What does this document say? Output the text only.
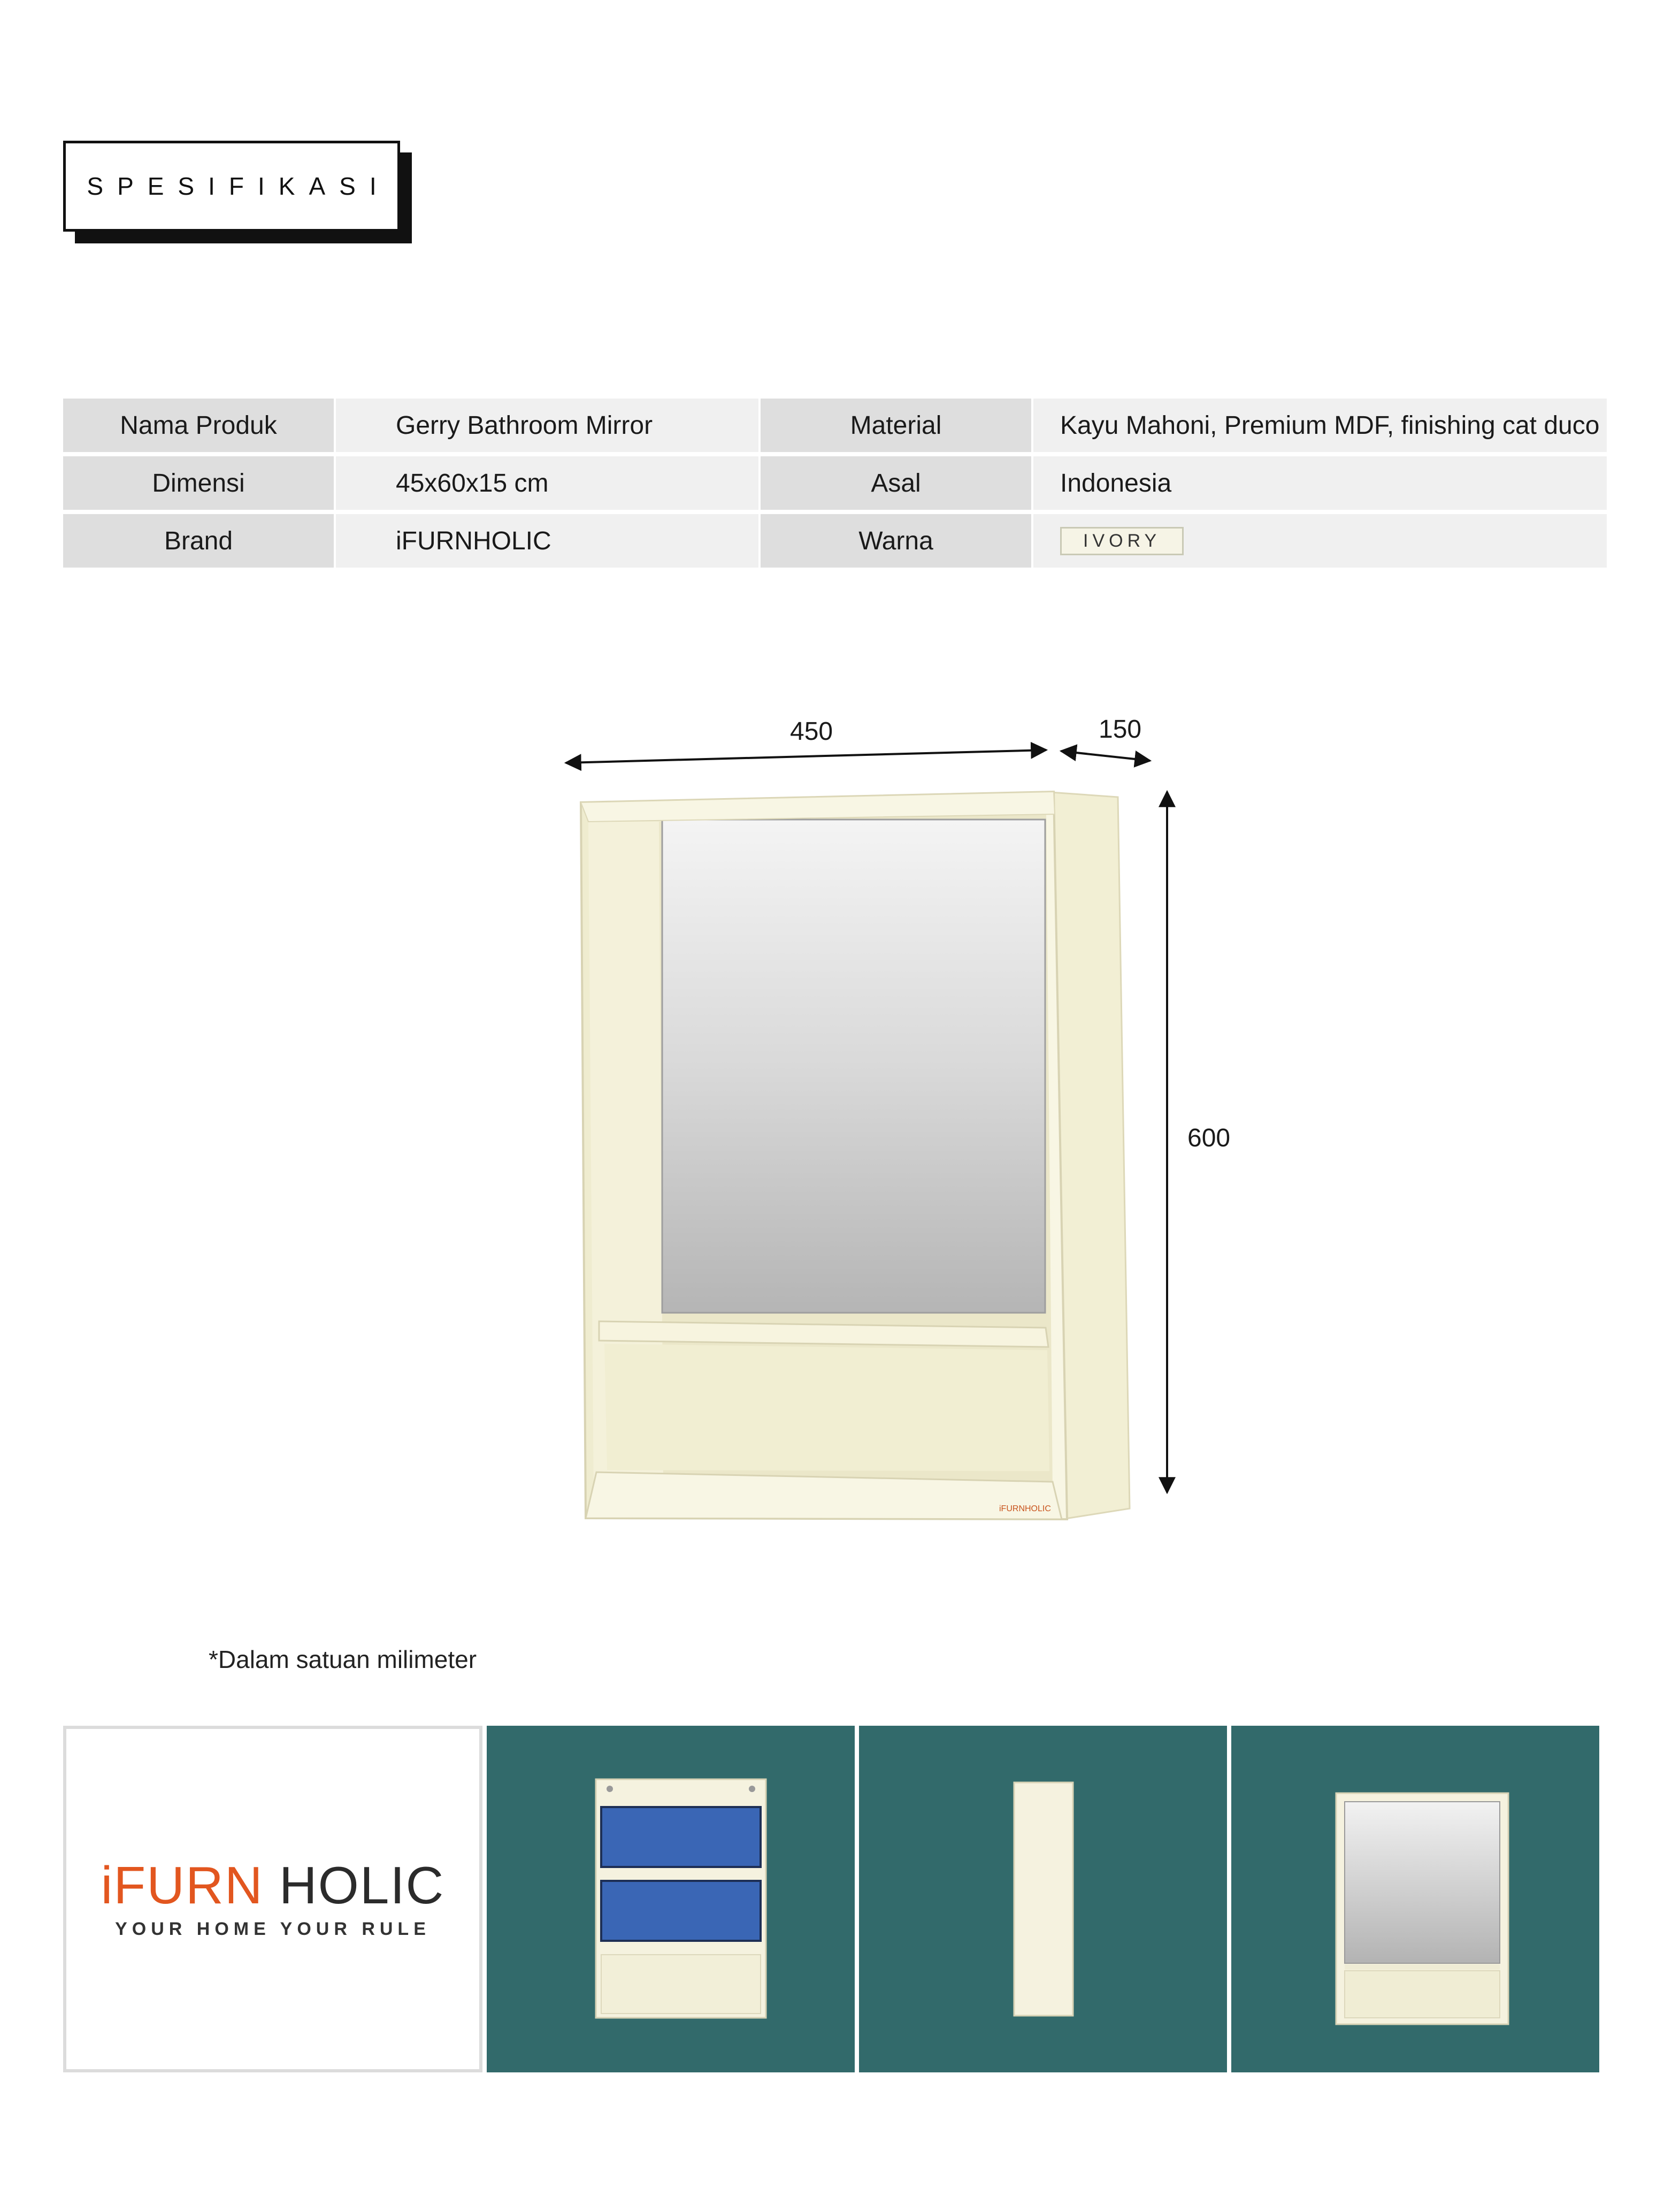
SPESIFIKASI
Nama Produk	Gerry Bathroom Mirror	Material	Kayu Mahoni, Premium MDF, finishing cat duco
Dimensi	45x60x15 cm	Asal	Indonesia
Brand	iFURNHOLIC	Warna	IVORY
iFURNHOLIC
450	150
600
*Dalam satuan milimeter
iFURN HOLIC
YOUR HOME YOUR RULE
